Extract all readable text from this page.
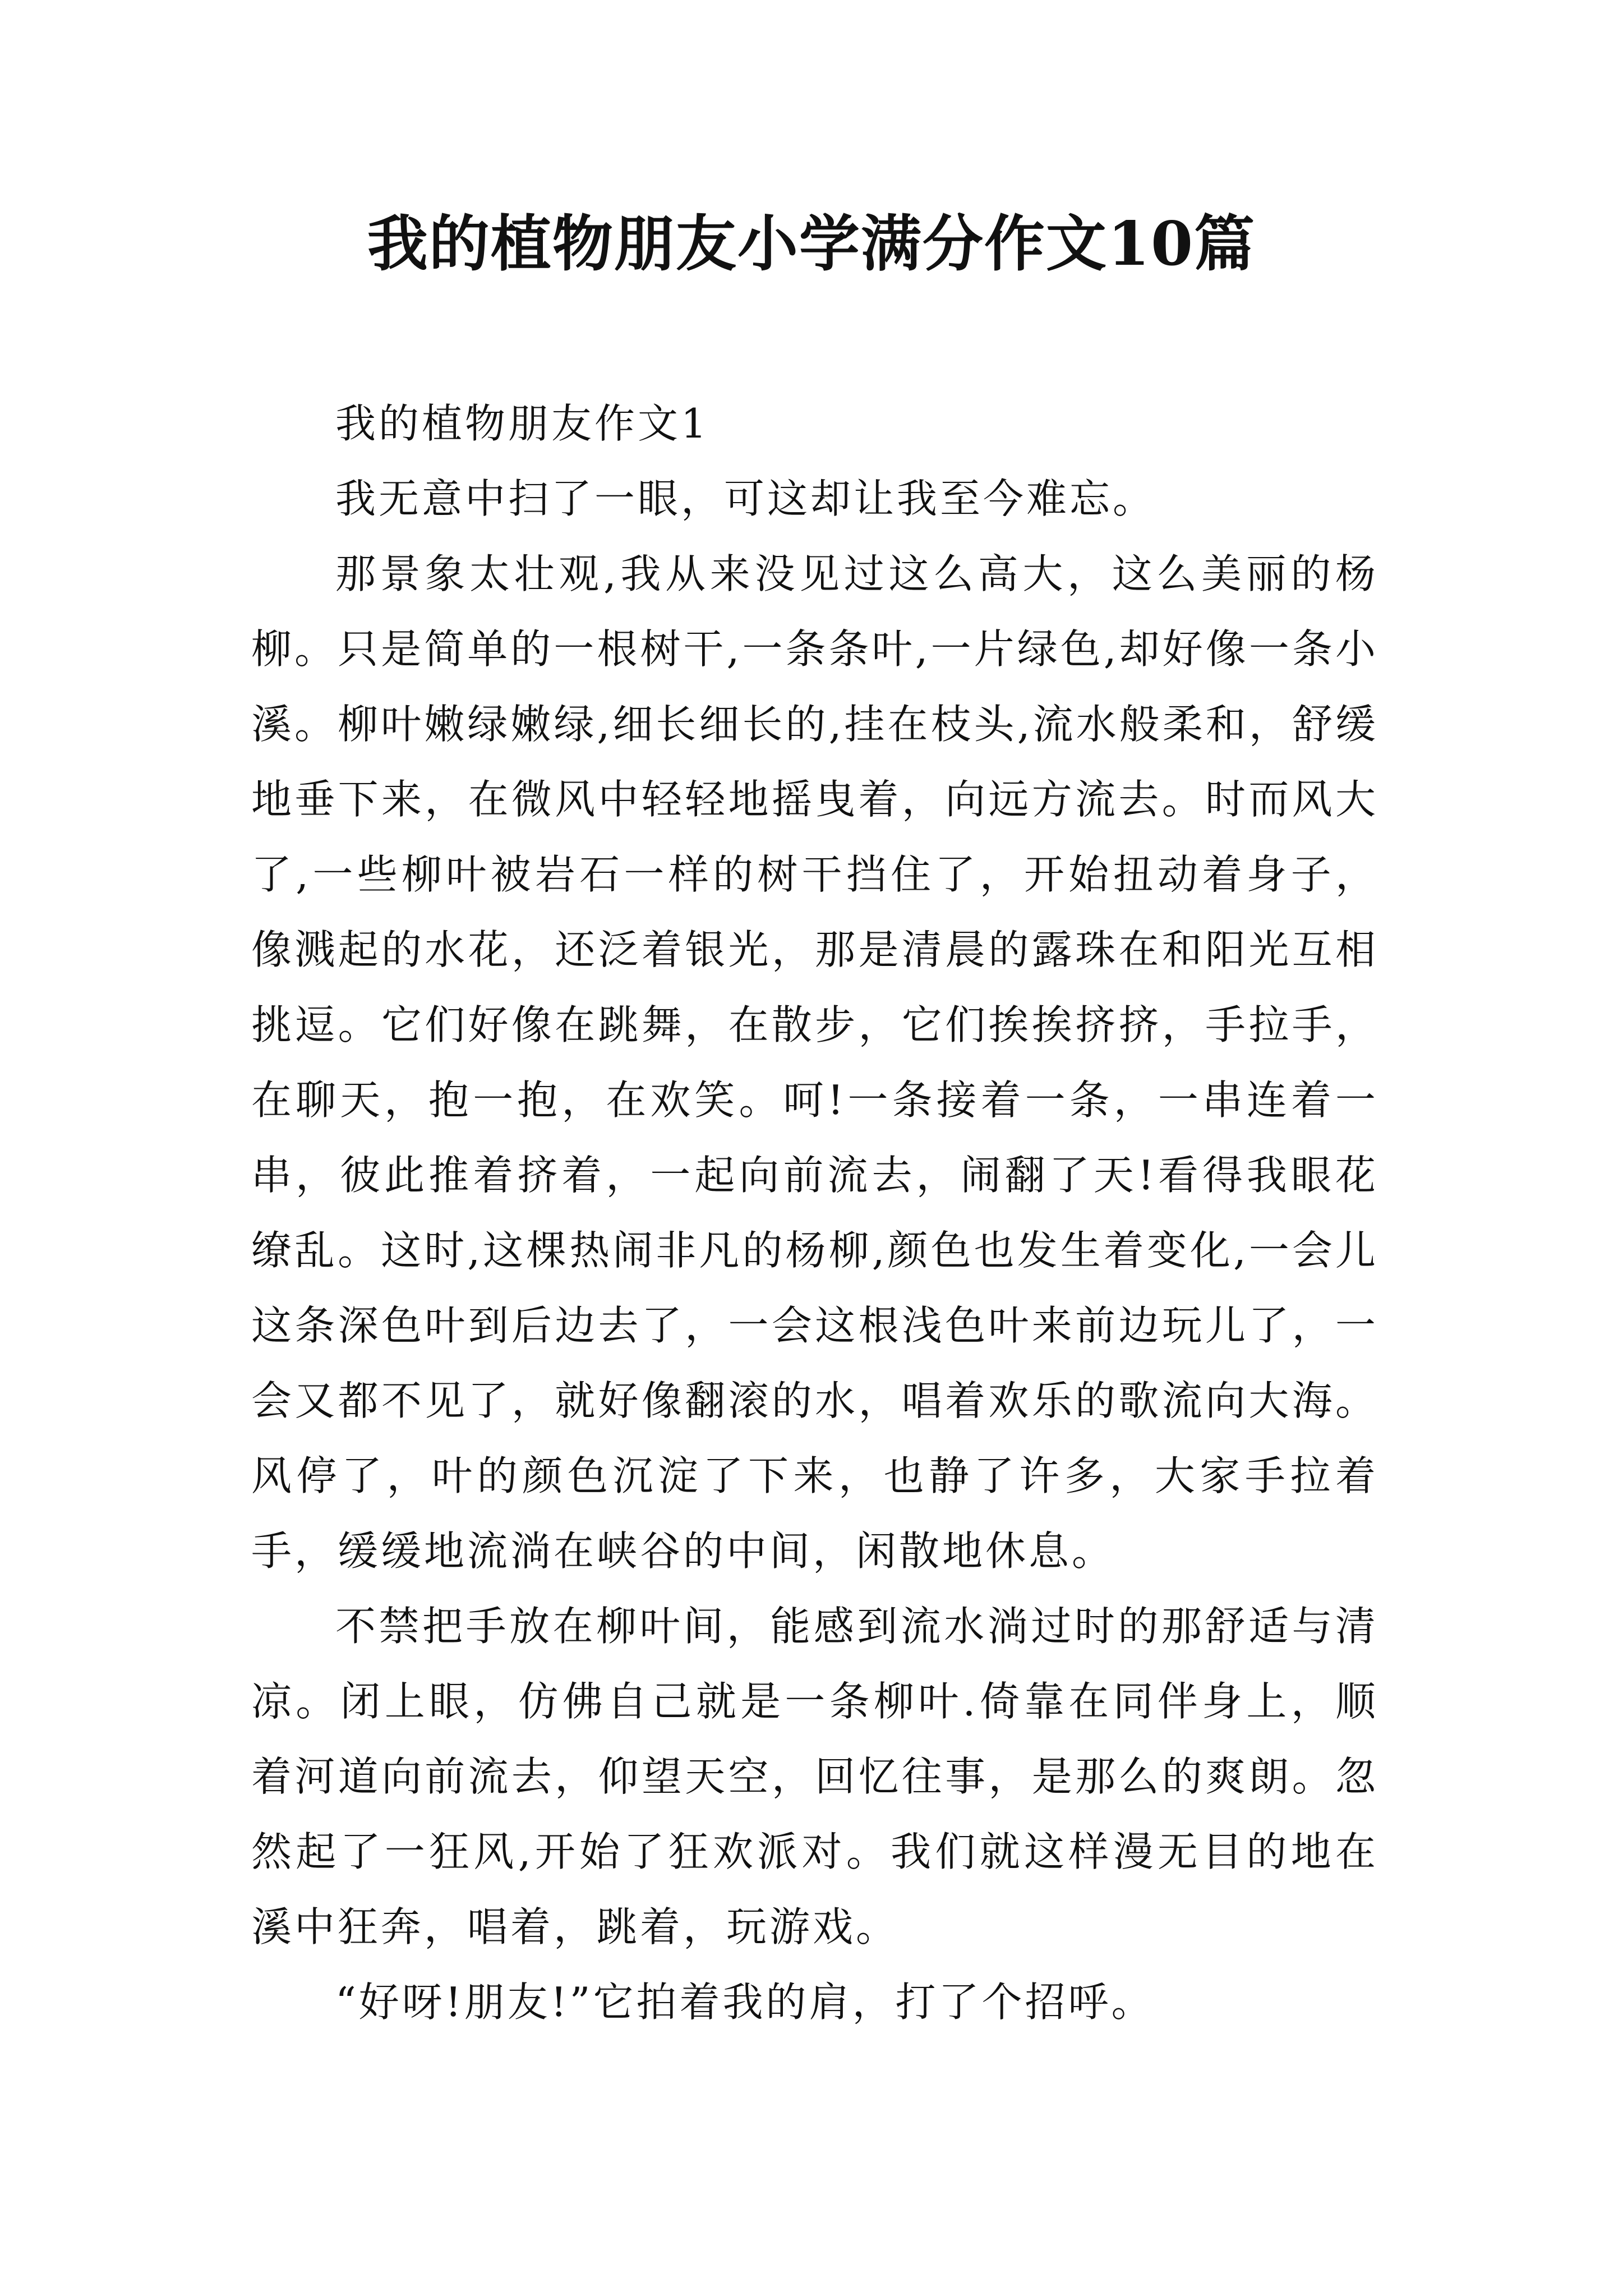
我的植物朋友小学满分作文10篇

我的植物朋友作文1

我无意中扫了一眼，可这却让我至今难忘。

那景象太壮观,我从来没见过这么高大，这么美丽的杨柳。只是简单的一根树干,一条条叶,一片绿色,却好像一条小溪。柳叶嫩绿嫩绿,细长细长的,挂在枝头,流水般柔和，舒缓地垂下来，在微风中轻轻地摇曳着，向远方流去。时而风大了,一些柳叶被岩石一样的树干挡住了，开始扭动着身子，像溅起的水花，还泛着银光，那是清晨的露珠在和阳光互相挑逗。它们好像在跳舞，在散步，它们挨挨挤挤，手拉手，在聊天，抱一抱，在欢笑。呵!一条接着一条，一串连着一串，彼此推着挤着，一起向前流去，闹翻了天!看得我眼花缭乱。这时,这棵热闹非凡的杨柳,颜色也发生着变化,一会儿这条深色叶到后边去了，一会这根浅色叶来前边玩儿了，一会又都不见了，就好像翻滚的水，唱着欢乐的歌流向大海。风停了，叶的颜色沉淀了下来，也静了许多，大家手拉着手，缓缓地流淌在峡谷的中间，闲散地休息。

不禁把手放在柳叶间，能感到流水淌过时的那舒适与清凉。闭上眼，仿佛自己就是一条柳叶.倚靠在同伴身上，顺着河道向前流去，仰望天空，回忆往事，是那么的爽朗。忽然起了一狂风,开始了狂欢派对。我们就这样漫无目的地在溪中狂奔，唱着，跳着，玩游戏。

“好呀!朋友!”它拍着我的肩，打了个招呼。
